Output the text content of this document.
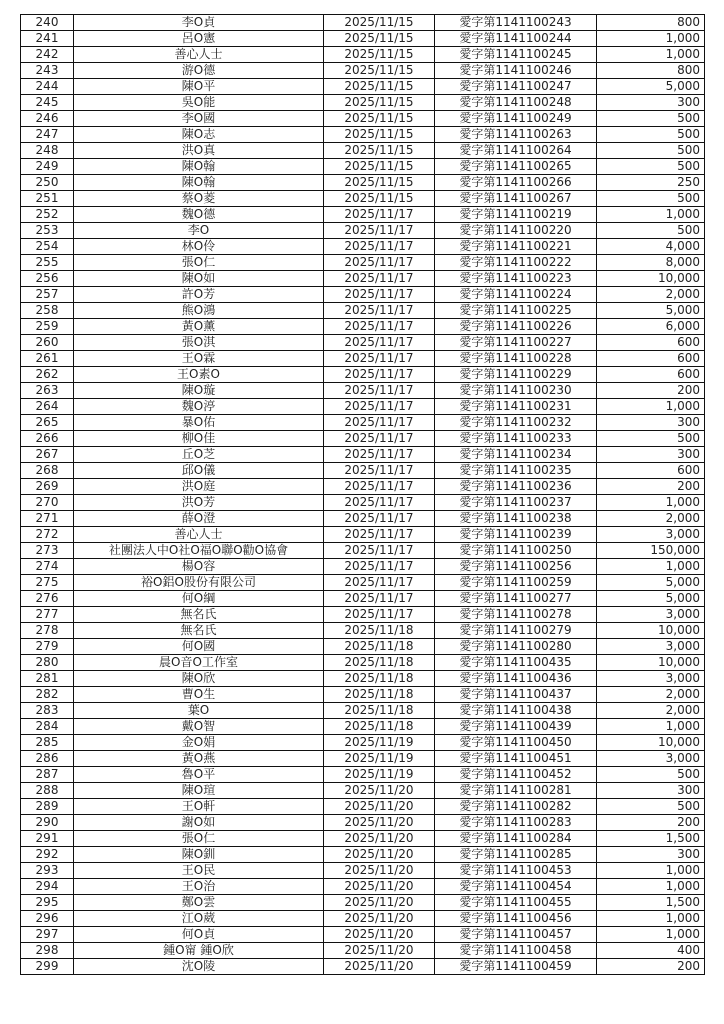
240	李O貞	2025/11/15	愛字第1141100243	800
241	呂O憲	2025/11/15	愛字第1141100244	1,000
242	善心人士	2025/11/15	愛字第1141100245	1,000
243	游O德	2025/11/15	愛字第1141100246	800
244	陳O平	2025/11/15	愛字第1141100247	5,000
245	吳O能	2025/11/15	愛字第1141100248	300
246	李O國	2025/11/15	愛字第1141100249	500
247	陳O志	2025/11/15	愛字第1141100263	500
248	洪O真	2025/11/15	愛字第1141100264	500
249	陳O翰	2025/11/15	愛字第1141100265	500
250	陳O翰	2025/11/15	愛字第1141100266	250
251	蔡O菱	2025/11/15	愛字第1141100267	500
252	魏O德	2025/11/17	愛字第1141100219	1,000
253	李O	2025/11/17	愛字第1141100220	500
254	林O伶	2025/11/17	愛字第1141100221	4,000
255	張O仁	2025/11/17	愛字第1141100222	8,000
256	陳O如	2025/11/17	愛字第1141100223	10,000
257	許O芳	2025/11/17	愛字第1141100224	2,000
258	熊O鴻	2025/11/17	愛字第1141100225	5,000
259	黃O薰	2025/11/17	愛字第1141100226	6,000
260	張O淇	2025/11/17	愛字第1141100227	600
261	王O霖	2025/11/17	愛字第1141100228	600
262	王O素O	2025/11/17	愛字第1141100229	600
263	陳O璇	2025/11/17	愛字第1141100230	200
264	魏O渟	2025/11/17	愛字第1141100231	1,000
265	暴O佑	2025/11/17	愛字第1141100232	300
266	柳O佳	2025/11/17	愛字第1141100233	500
267	丘O芝	2025/11/17	愛字第1141100234	300
268	邱O儀	2025/11/17	愛字第1141100235	600
269	洪O庭	2025/11/17	愛字第1141100236	200
270	洪O芳	2025/11/17	愛字第1141100237	1,000
271	薛O澄	2025/11/17	愛字第1141100238	2,000
272	善心人士	2025/11/17	愛字第1141100239	3,000
273	社團法人中O社O福O聯O勸O協會	2025/11/17	愛字第1141100250	150,000
274	楊O容	2025/11/17	愛字第1141100256	1,000
275	裕O鋁O股份有限公司	2025/11/17	愛字第1141100259	5,000
276	何O綱	2025/11/17	愛字第1141100277	5,000
277	無名氏	2025/11/17	愛字第1141100278	3,000
278	無名氏	2025/11/18	愛字第1141100279	10,000
279	何O國	2025/11/18	愛字第1141100280	3,000
280	晨O音O工作室	2025/11/18	愛字第1141100435	10,000
281	陳O欣	2025/11/18	愛字第1141100436	3,000
282	曹O生	2025/11/18	愛字第1141100437	2,000
283	葉O	2025/11/18	愛字第1141100438	2,000
284	戴O智	2025/11/18	愛字第1141100439	1,000
285	金O娟	2025/11/19	愛字第1141100450	10,000
286	黃O燕	2025/11/19	愛字第1141100451	3,000
287	魯O平	2025/11/19	愛字第1141100452	500
288	陳O瑄	2025/11/20	愛字第1141100281	300
289	王O軒	2025/11/20	愛字第1141100282	500
290	謝O如	2025/11/20	愛字第1141100283	200
291	張O仁	2025/11/20	愛字第1141100284	1,500
292	陳O釧	2025/11/20	愛字第1141100285	300
293	王O民	2025/11/20	愛字第1141100453	1,000
294	王O治	2025/11/20	愛字第1141100454	1,000
295	鄭O雲	2025/11/20	愛字第1141100455	1,500
296	江O葳	2025/11/20	愛字第1141100456	1,000
297	何O貞	2025/11/20	愛字第1141100457	1,000
298	鍾O甯 鍾O欣	2025/11/20	愛字第1141100458	400
299	沈O陵	2025/11/20	愛字第1141100459	200
